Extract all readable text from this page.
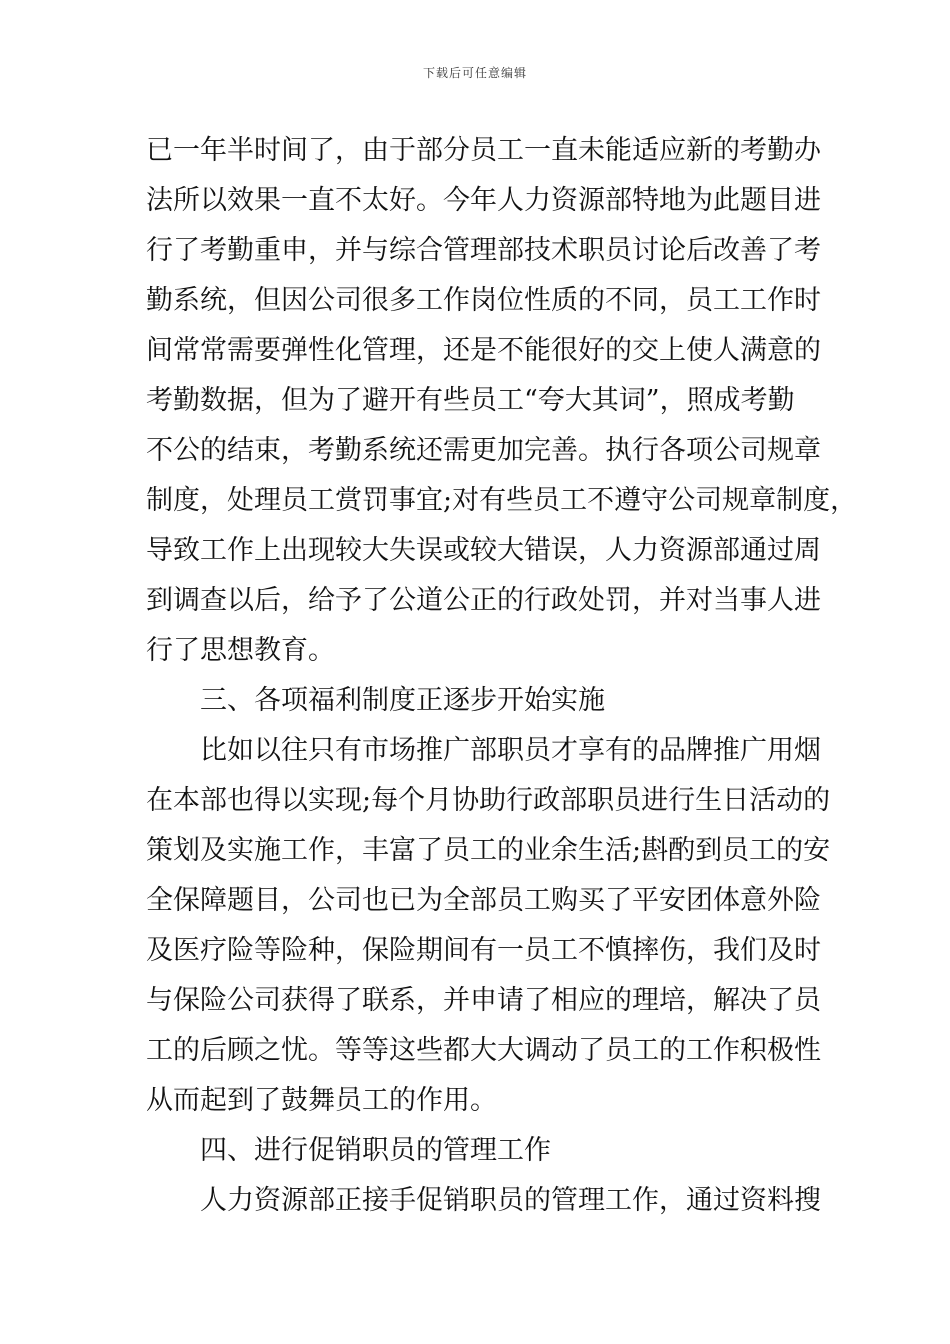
下载后可任意编辑
已一年半时间了，由于部分员工一直未能适应新的考勤办
法所以效果一直不太好。今年人力资源部特地为此题目进
行了考勤重申，并与综合管理部技术职员讨论后改善了考
勤系统，但因公司很多工作岗位性质的不同，员工工作时
间常常需要弹性化管理，还是不能很好的交上使人满意的
考勤数据，但为了避开有些员工“夸大其词”，照成考勤
不公的结束，考勤系统还需更加完善。执行各项公司规章
制度，处理员工赏罚事宜;对有些员工不遵守公司规章制度，
导致工作上出现较大失误或较大错误，人力资源部通过周
到调查以后，给予了公道公正的行政处罚，并对当事人进
行了思想教育。
三、各项福利制度正逐步开始实施
比如以往只有市场推广部职员才享有的品牌推广用烟
在本部也得以实现;每个月协助行政部职员进行生日活动的
策划及实施工作，丰富了员工的业余生活;斟酌到员工的安
全保障题目，公司也已为全部员工购买了平安团体意外险
及医疗险等险种，保险期间有一员工不慎摔伤，我们及时
与保险公司获得了联系，并申请了相应的理培，解决了员
工的后顾之忧。等等这些都大大调动了员工的工作积极性
从而起到了鼓舞员工的作用。
四、进行促销职员的管理工作
人力资源部正接手促销职员的管理工作，通过资料搜
